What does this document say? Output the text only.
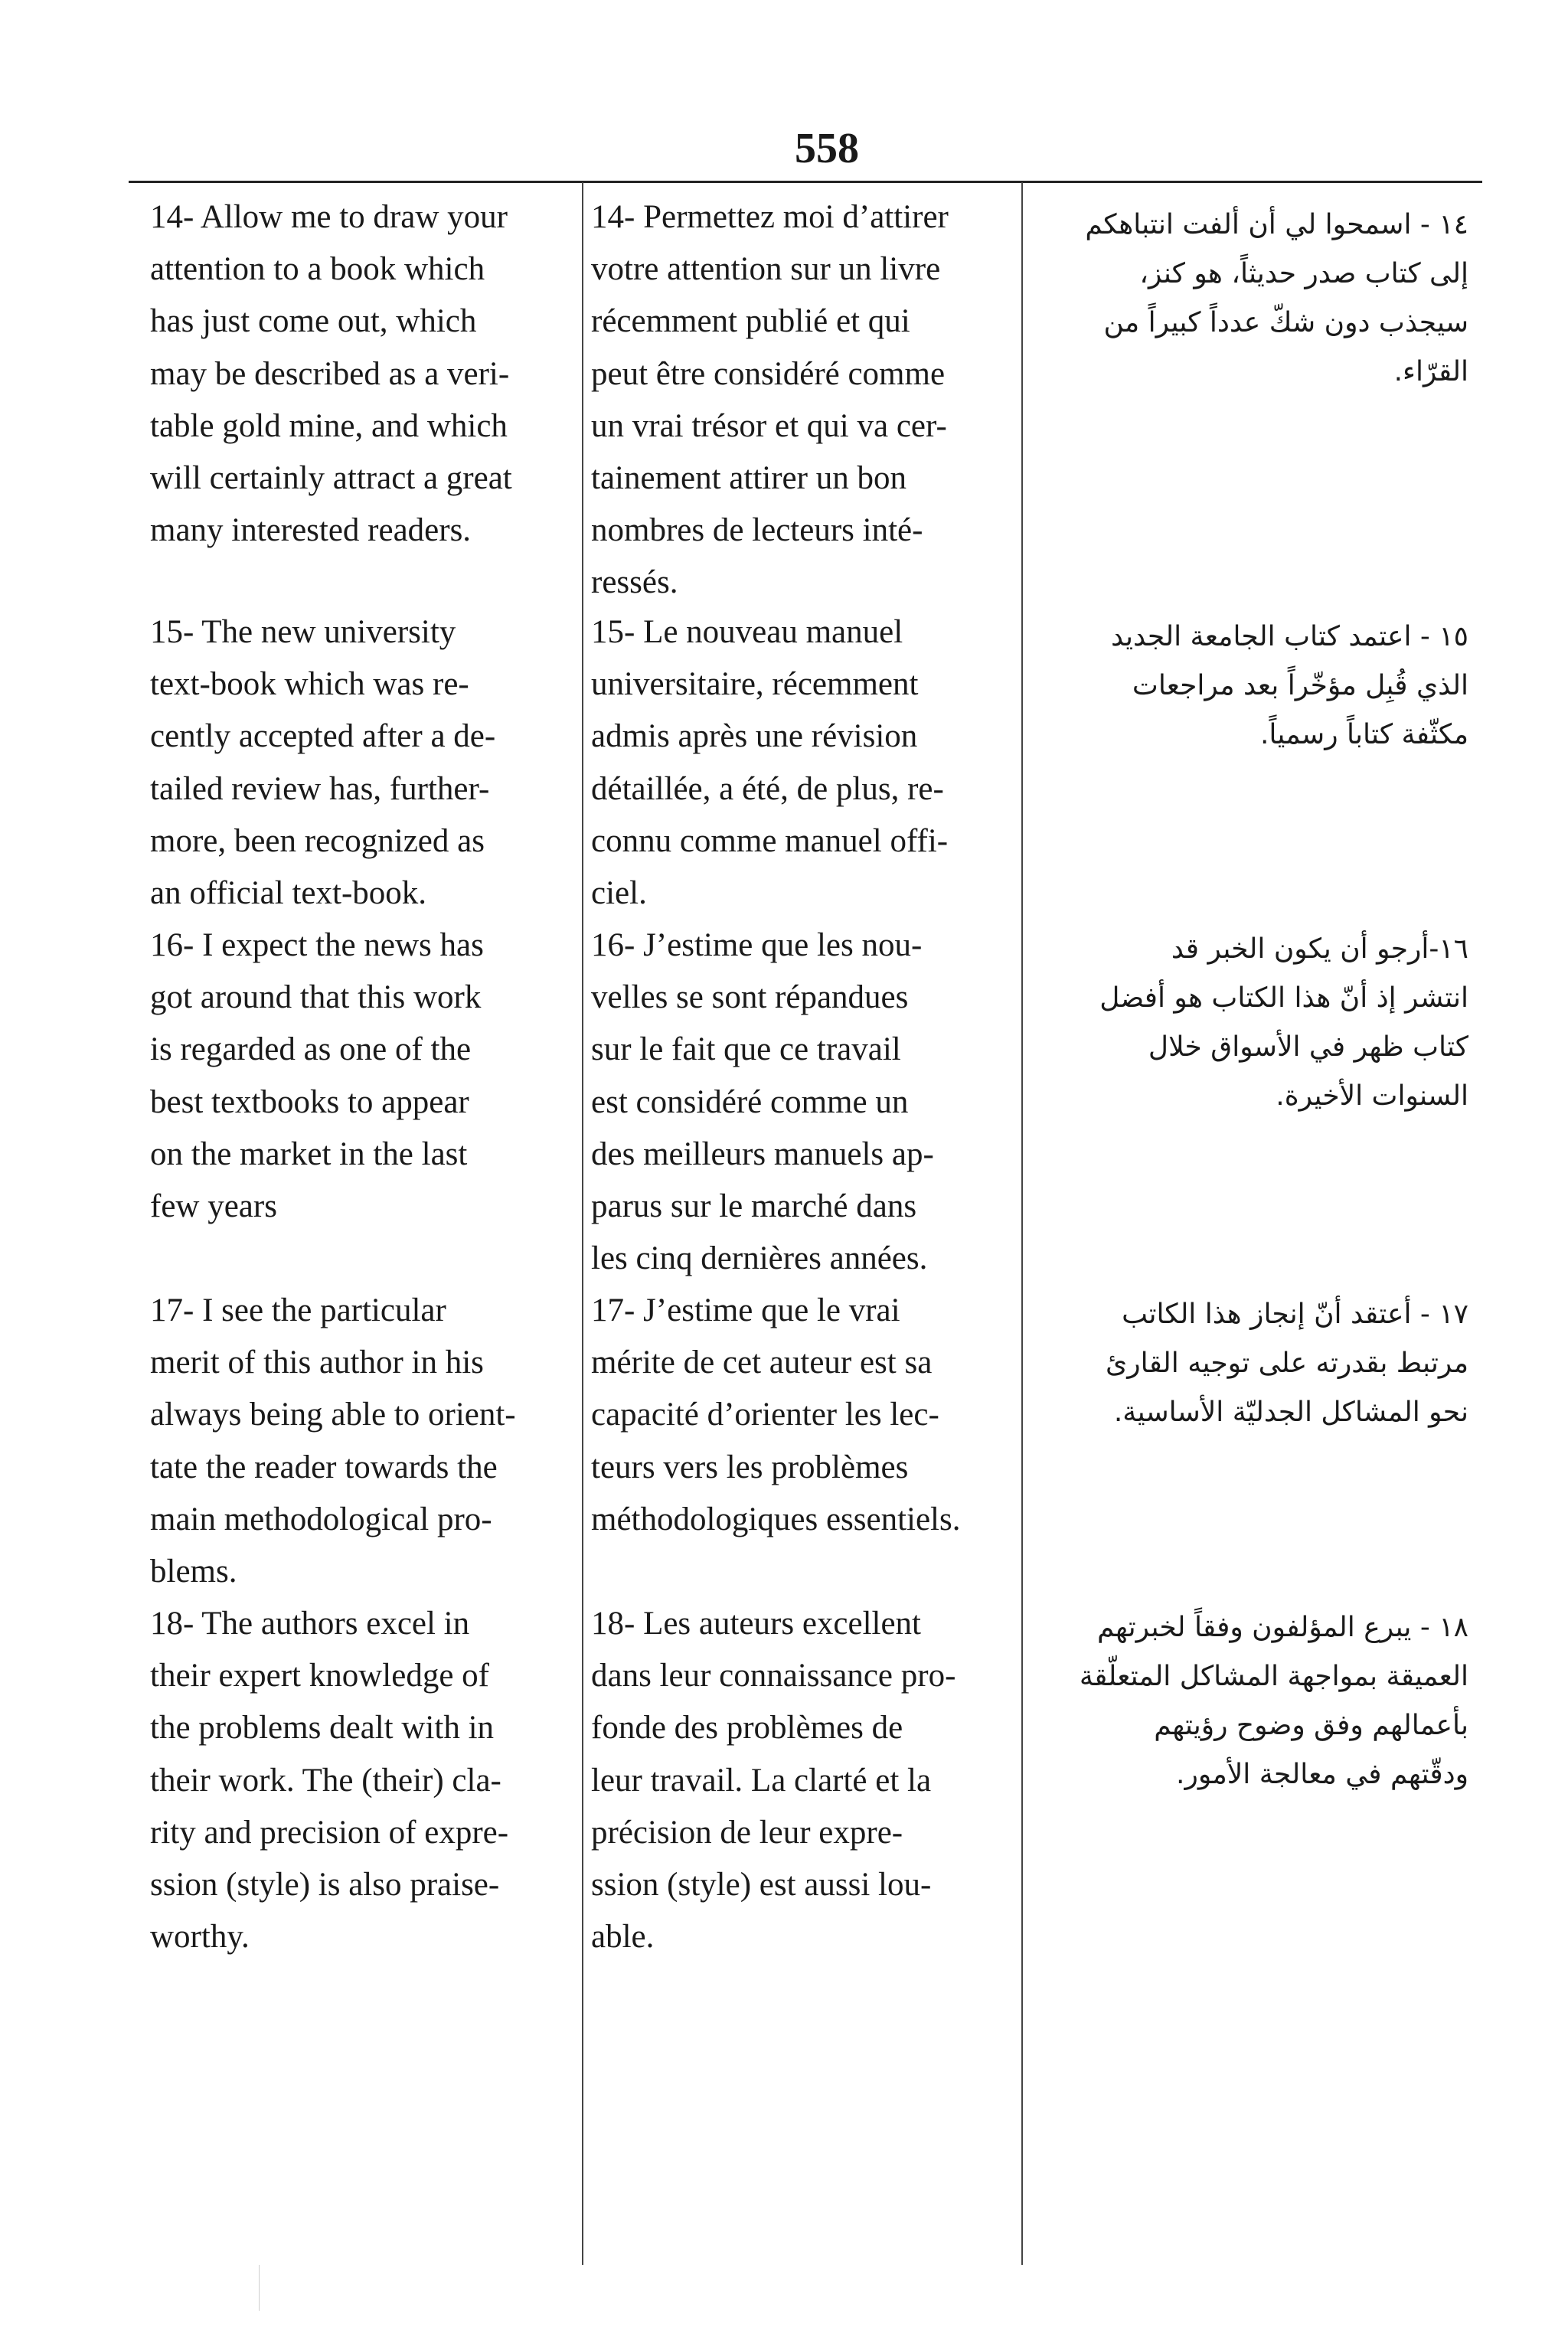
558

14- Allow me to draw your
attention to a book which
has just come out, which
may be described as a veri-
table gold mine, and which
will certainly attract a great
many interested readers.

14- Permettez moi d’attirer
votre attention sur un livre
récemment publié et qui
peut être considéré comme
un vrai trésor et qui va cer-
tainement attirer un bon
nombres de lecteurs inté-
ressés.

١٤ - اسمحوا لي أن ألفت انتباهكم
إلى كتاب صدر حديثاً، هو كنز،
سيجذب دون شكّ عدداً كبيراً من
القرّاء.

15- The new university
text-book which was re-
cently accepted after a de-
tailed review has, further-
more, been recognized as
an official text-book.

15- Le nouveau manuel
universitaire, récemment
admis après une révision
détaillée, a été, de plus, re-
connu comme manuel offi-
ciel.

١٥ - اعتمد كتاب الجامعة الجديد
الذي قُبِل مؤخّراً بعد مراجعات
مكثّفة كتاباً رسمياً.

16- I expect the news has
got around that this work
is regarded as one of the
best textbooks to appear
on the market in the last
few years

16- J’estime que les nou-
velles se sont répandues
sur le fait que ce travail
est considéré comme un
des meilleurs manuels ap-
parus sur le marché dans
les cinq dernières années.

١٦-أرجو أن يكون الخبر قد
انتشر إذ أنّ هذا الكتاب هو أفضل
كتاب ظهر في الأسواق خلال
السنوات الأخيرة.

17- I see the particular
merit of this author in his
always being able to orient-
tate the reader towards the
main methodological pro-
blems.

17- J’estime que le vrai
mérite de cet auteur est sa
capacité d’orienter les lec-
teurs vers les problèmes
méthodologiques essentiels.

١٧ - أعتقد أنّ إنجاز هذا الكاتب
مرتبط بقدرته على توجيه القارئ
نحو المشاكل الجدليّة الأساسية.

18- The authors excel in
their expert knowledge of
the problems dealt with in
their work. The (their) cla-
rity and precision of expre-
ssion (style) is also praise-
worthy.

18- Les auteurs excellent
dans leur connaissance pro-
fonde des problèmes de
leur travail. La clarté et la
précision de leur expre-
ssion (style) est aussi lou-
able.

١٨ - يبرع المؤلفون وفقاً لخبرتهم
العميقة بمواجهة المشاكل المتعلّقة
بأعمالهم وفق وضوح رؤيتهم
ودقّتهم في معالجة الأمور.
